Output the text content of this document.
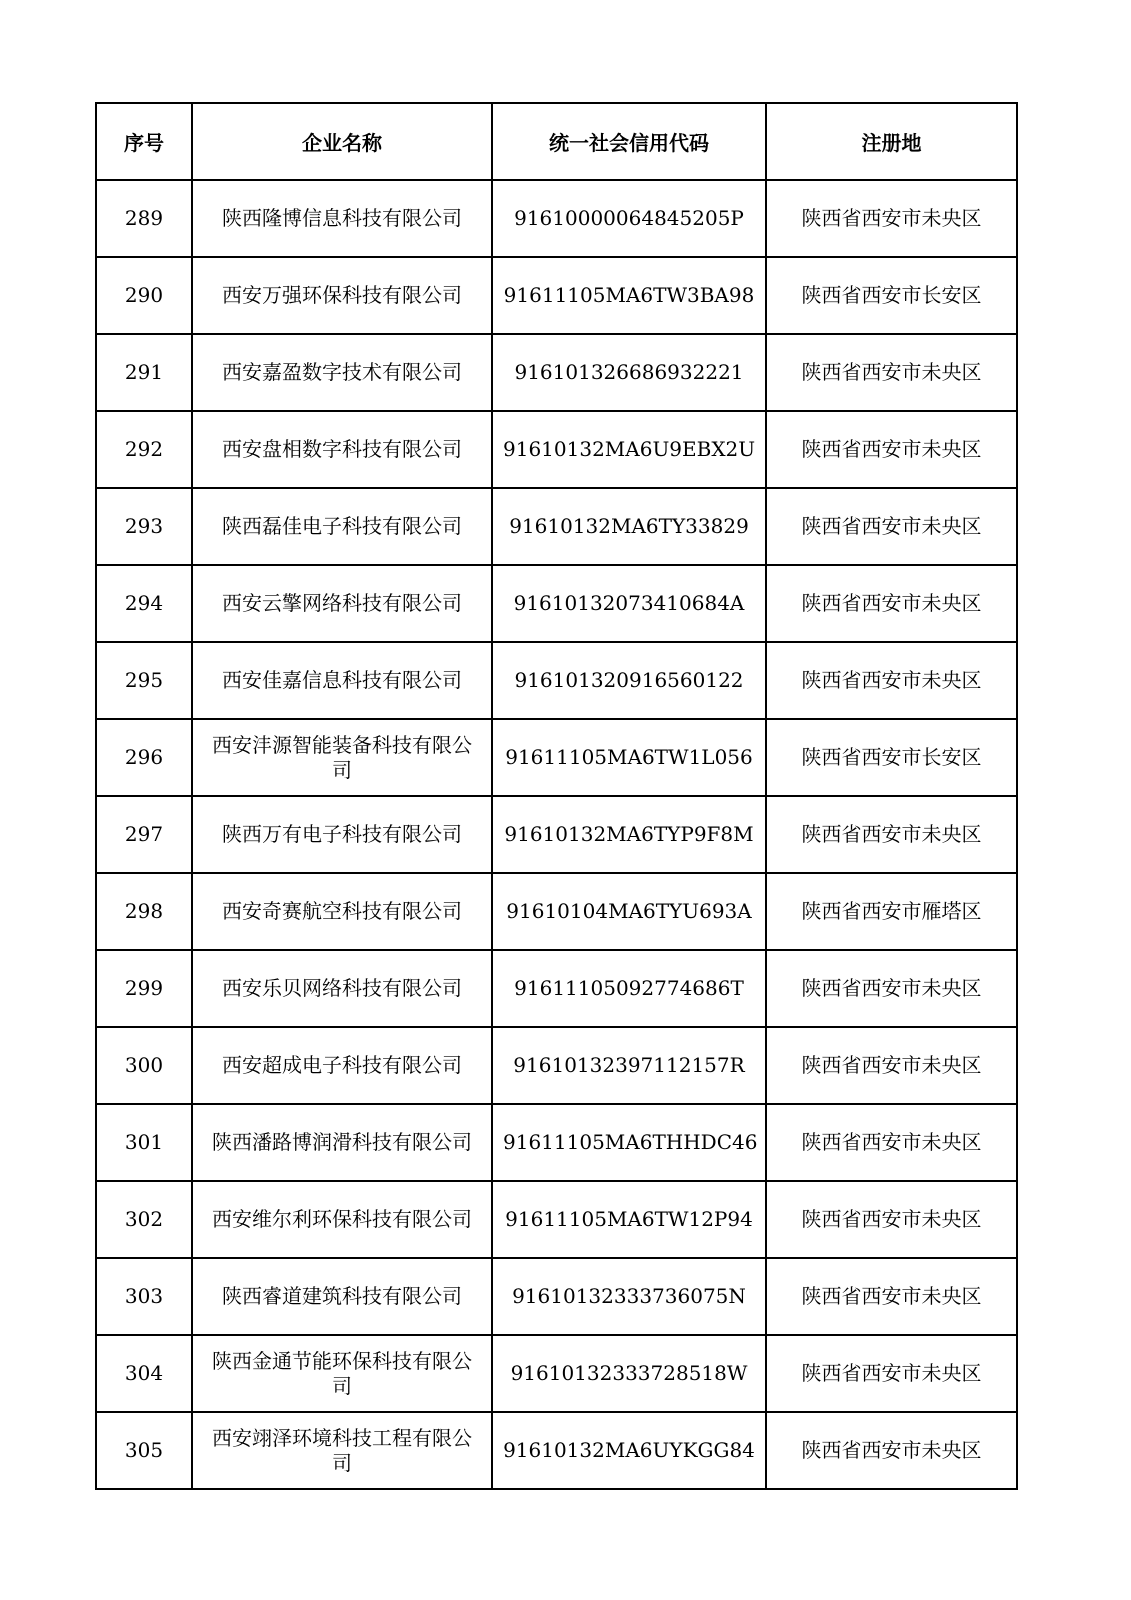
序号	企业名称	统一社会信用代码	注册地
289	陕西隆博信息科技有限公司	91610000064845205P	陕西省西安市未央区
290	西安万强环保科技有限公司	91611105MA6TW3BA98	陕西省西安市长安区
291	西安嘉盈数字技术有限公司	916101326686932221	陕西省西安市未央区
292	西安盘相数字科技有限公司	91610132MA6U9EBX2U	陕西省西安市未央区
293	陕西磊佳电子科技有限公司	91610132MA6TY33829	陕西省西安市未央区
294	西安云擎网络科技有限公司	91610132073410684A	陕西省西安市未央区
295	西安佳嘉信息科技有限公司	916101320916560122	陕西省西安市未央区
296	西安沣源智能装备科技有限公司	91611105MA6TW1L056	陕西省西安市长安区
297	陕西万有电子科技有限公司	91610132MA6TYP9F8M	陕西省西安市未央区
298	西安奇赛航空科技有限公司	91610104MA6TYU693A	陕西省西安市雁塔区
299	西安乐贝网络科技有限公司	91611105092774686T	陕西省西安市未央区
300	西安超成电子科技有限公司	91610132397112157R	陕西省西安市未央区
301	陕西潘路博润滑科技有限公司	91611105MA6THHDC46	陕西省西安市未央区
302	西安维尔利环保科技有限公司	91611105MA6TW12P94	陕西省西安市未央区
303	陕西睿道建筑科技有限公司	91610132333736075N	陕西省西安市未央区
304	陕西金通节能环保科技有限公司	91610132333728518W	陕西省西安市未央区
305	西安翊泽环境科技工程有限公司	91610132MA6UYKGG84	陕西省西安市未央区
